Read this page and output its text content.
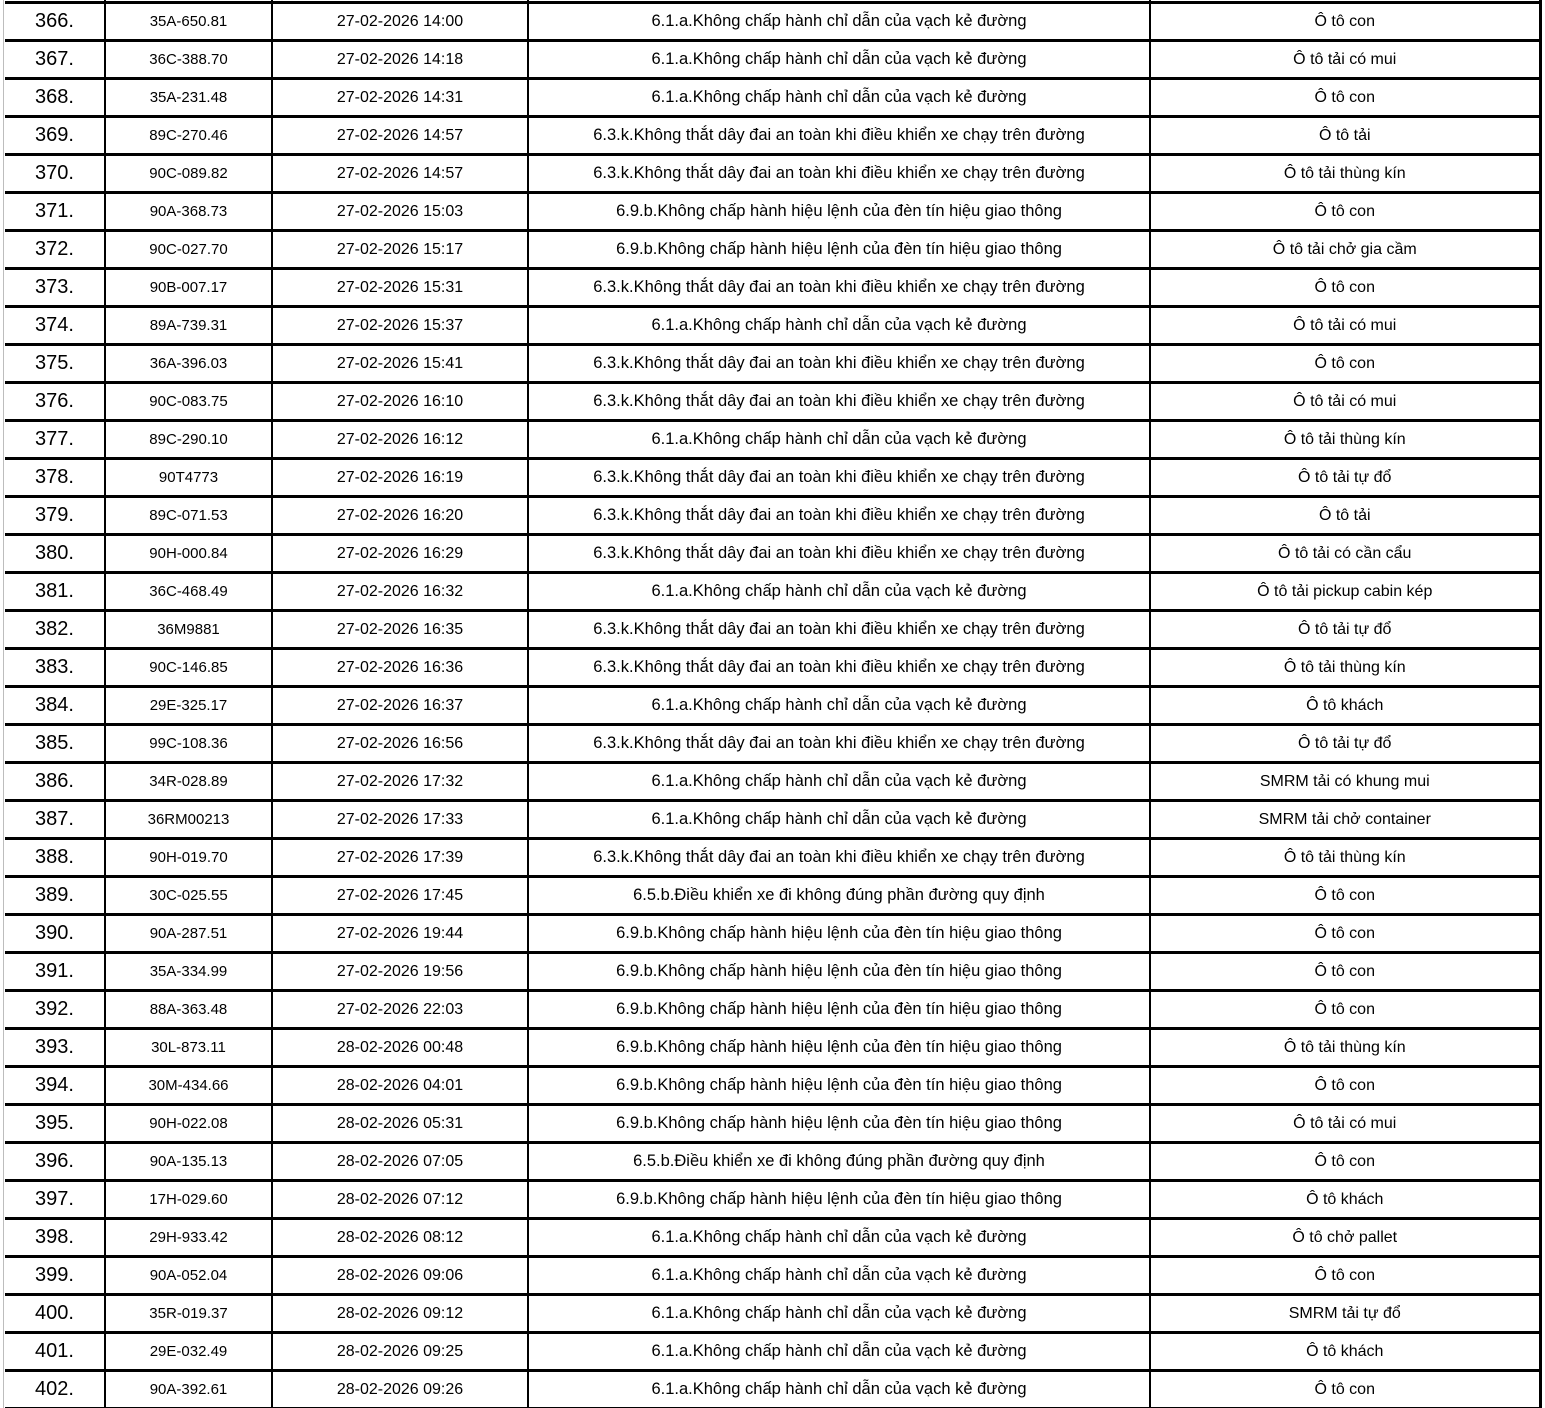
366.	35A-650.81	27-02-2026 14:00	6.1.a.Không chấp hành chỉ dẫn của vạch kẻ đường	Ô tô con
367.	36C-388.70	27-02-2026 14:18	6.1.a.Không chấp hành chỉ dẫn của vạch kẻ đường	Ô tô tải có mui
368.	35A-231.48	27-02-2026 14:31	6.1.a.Không chấp hành chỉ dẫn của vạch kẻ đường	Ô tô con
369.	89C-270.46	27-02-2026 14:57	6.3.k.Không thắt dây đai an toàn khi điều khiển xe chạy trên đường	Ô tô tải
370.	90C-089.82	27-02-2026 14:57	6.3.k.Không thắt dây đai an toàn khi điều khiển xe chạy trên đường	Ô tô tải thùng kín
371.	90A-368.73	27-02-2026 15:03	6.9.b.Không chấp hành hiệu lệnh của đèn tín hiệu giao thông	Ô tô con
372.	90C-027.70	27-02-2026 15:17	6.9.b.Không chấp hành hiệu lệnh của đèn tín hiệu giao thông	Ô tô tải chở gia cầm
373.	90B-007.17	27-02-2026 15:31	6.3.k.Không thắt dây đai an toàn khi điều khiển xe chạy trên đường	Ô tô con
374.	89A-739.31	27-02-2026 15:37	6.1.a.Không chấp hành chỉ dẫn của vạch kẻ đường	Ô tô tải có mui
375.	36A-396.03	27-02-2026 15:41	6.3.k.Không thắt dây đai an toàn khi điều khiển xe chạy trên đường	Ô tô con
376.	90C-083.75	27-02-2026 16:10	6.3.k.Không thắt dây đai an toàn khi điều khiển xe chạy trên đường	Ô tô tải có mui
377.	89C-290.10	27-02-2026 16:12	6.1.a.Không chấp hành chỉ dẫn của vạch kẻ đường	Ô tô tải thùng kín
378.	90T4773	27-02-2026 16:19	6.3.k.Không thắt dây đai an toàn khi điều khiển xe chạy trên đường	Ô tô tải tự đổ
379.	89C-071.53	27-02-2026 16:20	6.3.k.Không thắt dây đai an toàn khi điều khiển xe chạy trên đường	Ô tô tải
380.	90H-000.84	27-02-2026 16:29	6.3.k.Không thắt dây đai an toàn khi điều khiển xe chạy trên đường	Ô tô tải có cần cẩu
381.	36C-468.49	27-02-2026 16:32	6.1.a.Không chấp hành chỉ dẫn của vạch kẻ đường	Ô tô tải pickup cabin kép
382.	36M9881	27-02-2026 16:35	6.3.k.Không thắt dây đai an toàn khi điều khiển xe chạy trên đường	Ô tô tải tự đổ
383.	90C-146.85	27-02-2026 16:36	6.3.k.Không thắt dây đai an toàn khi điều khiển xe chạy trên đường	Ô tô tải thùng kín
384.	29E-325.17	27-02-2026 16:37	6.1.a.Không chấp hành chỉ dẫn của vạch kẻ đường	Ô tô khách
385.	99C-108.36	27-02-2026 16:56	6.3.k.Không thắt dây đai an toàn khi điều khiển xe chạy trên đường	Ô tô tải tự đổ
386.	34R-028.89	27-02-2026 17:32	6.1.a.Không chấp hành chỉ dẫn của vạch kẻ đường	SMRM tải có khung mui
387.	36RM00213	27-02-2026 17:33	6.1.a.Không chấp hành chỉ dẫn của vạch kẻ đường	SMRM tải chở container
388.	90H-019.70	27-02-2026 17:39	6.3.k.Không thắt dây đai an toàn khi điều khiển xe chạy trên đường	Ô tô tải thùng kín
389.	30C-025.55	27-02-2026 17:45	6.5.b.Điều khiển xe đi không đúng phần đường quy định	Ô tô con
390.	90A-287.51	27-02-2026 19:44	6.9.b.Không chấp hành hiệu lệnh của đèn tín hiệu giao thông	Ô tô con
391.	35A-334.99	27-02-2026 19:56	6.9.b.Không chấp hành hiệu lệnh của đèn tín hiệu giao thông	Ô tô con
392.	88A-363.48	27-02-2026 22:03	6.9.b.Không chấp hành hiệu lệnh của đèn tín hiệu giao thông	Ô tô con
393.	30L-873.11	28-02-2026 00:48	6.9.b.Không chấp hành hiệu lệnh của đèn tín hiệu giao thông	Ô tô tải thùng kín
394.	30M-434.66	28-02-2026 04:01	6.9.b.Không chấp hành hiệu lệnh của đèn tín hiệu giao thông	Ô tô con
395.	90H-022.08	28-02-2026 05:31	6.9.b.Không chấp hành hiệu lệnh của đèn tín hiệu giao thông	Ô tô tải có mui
396.	90A-135.13	28-02-2026 07:05	6.5.b.Điều khiển xe đi không đúng phần đường quy định	Ô tô con
397.	17H-029.60	28-02-2026 07:12	6.9.b.Không chấp hành hiệu lệnh của đèn tín hiệu giao thông	Ô tô khách
398.	29H-933.42	28-02-2026 08:12	6.1.a.Không chấp hành chỉ dẫn của vạch kẻ đường	Ô tô chở pallet
399.	90A-052.04	28-02-2026 09:06	6.1.a.Không chấp hành chỉ dẫn của vạch kẻ đường	Ô tô con
400.	35R-019.37	28-02-2026 09:12	6.1.a.Không chấp hành chỉ dẫn của vạch kẻ đường	SMRM tải tự đổ
401.	29E-032.49	28-02-2026 09:25	6.1.a.Không chấp hành chỉ dẫn của vạch kẻ đường	Ô tô khách
402.	90A-392.61	28-02-2026 09:26	6.1.a.Không chấp hành chỉ dẫn của vạch kẻ đường	Ô tô con
